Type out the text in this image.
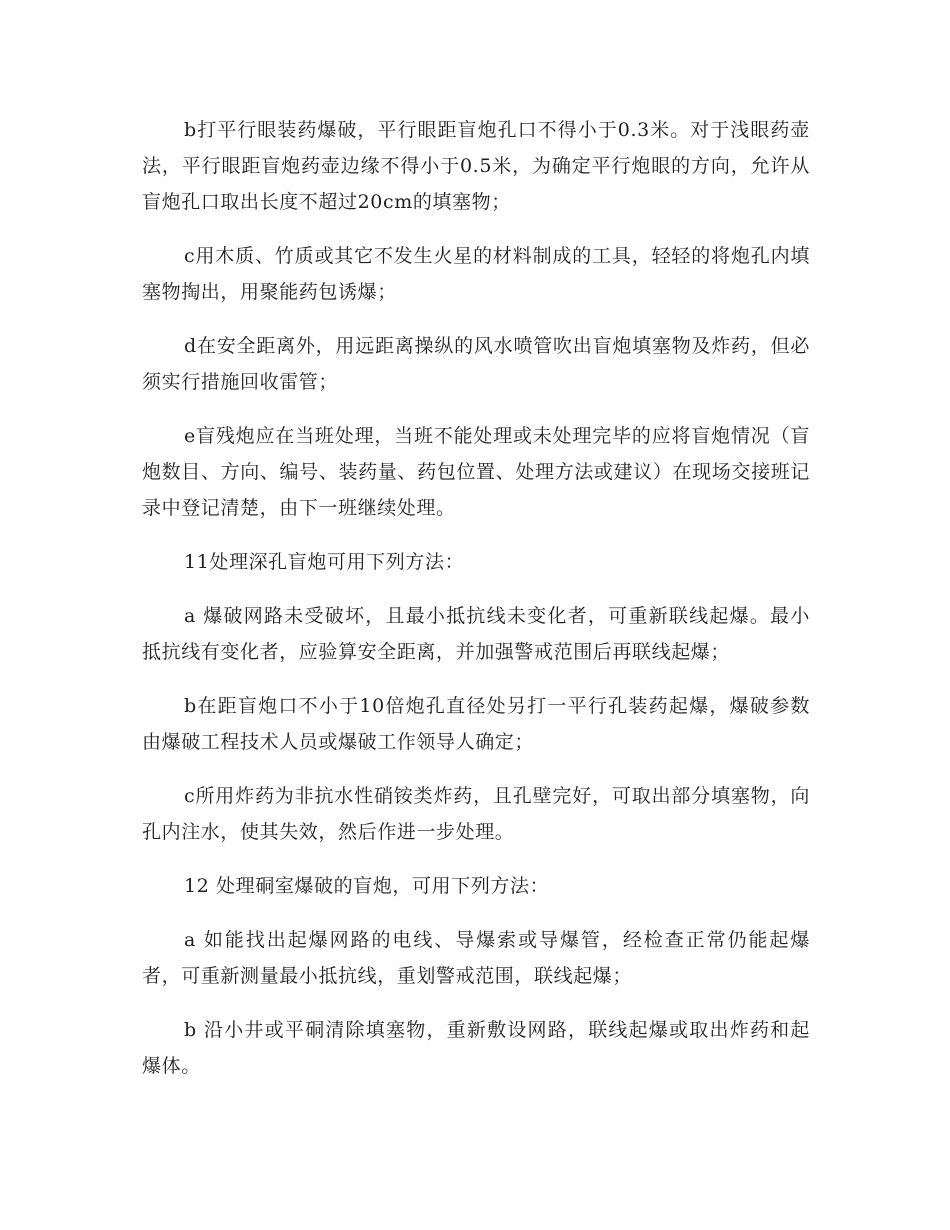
b打平行眼装药爆破，平行眼距盲炮孔口不得小于0.3米。对于浅眼药壶法，平行眼距盲炮药壶边缘不得小于0.5米，为确定平行炮眼的方向，允许从盲炮孔口取出长度不超过20cm的填塞物；

c用木质、竹质或其它不发生火星的材料制成的工具，轻轻的将炮孔内填塞物掏出，用聚能药包诱爆；

d在安全距离外，用远距离操纵的风水喷管吹出盲炮填塞物及炸药，但必须实行措施回收雷管；

e盲残炮应在当班处理，当班不能处理或未处理完毕的应将盲炮情况（盲炮数目、方向、编号、装药量、药包位置、处理方法或建议）在现场交接班记录中登记清楚，由下一班继续处理。

11处理深孔盲炮可用下列方法：

a 爆破网路未受破坏，且最小抵抗线未变化者，可重新联线起爆。最小抵抗线有变化者，应验算安全距离，并加强警戒范围后再联线起爆；

b在距盲炮口不小于10倍炮孔直径处另打一平行孔装药起爆，爆破参数由爆破工程技术人员或爆破工作领导人确定；

c所用炸药为非抗水性硝铵类炸药，且孔壁完好，可取出部分填塞物，向孔内注水，使其失效，然后作进一步处理。

12 处理硐室爆破的盲炮，可用下列方法：

a 如能找出起爆网路的电线、导爆索或导爆管，经检查正常仍能起爆者，可重新测量最小抵抗线，重划警戒范围，联线起爆；

b 沿小井或平硐清除填塞物，重新敷设网路，联线起爆或取出炸药和起爆体。
